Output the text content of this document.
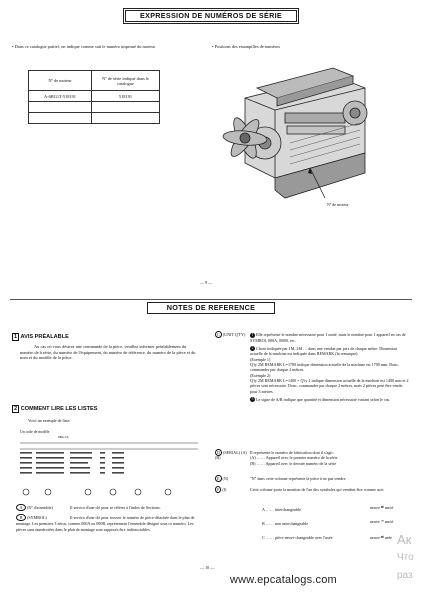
EXPRESSION DE NUMÉROS DE SÉRIE
• Dans ce catalogue partiel, on indique comme suit le numéro imprimé du moteur.	• Positions des estampilles de numéros
Nº de moteur	Nº de série indiqué dans le catalogue
A-6BG1T-518191	518191

Nº de moteur
— 9 —
NOTES DE REFERENCE
1 AVIS PRÉALABLE
Au cas où vous désirez une commande de la pièce, veuillez informer préalablement du numéro de à série, du numéro de l'équipement, du numéro de référence, du numéro de la pièce et du nom et du modèle de la pièce.
2 COMMENT LIRE LES LISTES
Voici un exemple de liste:
Un code de modèle
6BG1T-
A (Nº d'assemble)	Il servira d'une clé pour se référer à l'index de Sections.
B (SYMBOL)	Il servira d'une clé pour trouver le numéro de pièce détachée dans le plan de montage. Les premiers 3 zéros, comme 000A ou 000B, représentent l'ensemble désigné sous ce numéro. Les pièces sans numérotées dans le plan de montage sont supposés être indissociables.
C (UNIT Q'TY)	1 Elle représente le nombre nécessaire pour 1 unité, mais le nombre pour 1 appareil en cas de SYMBOL 000A, 000B, etc.
2 Chose indiquée par 1M, 2M … dans une vendue par prix de chaque mètre. Dimension actuelle de la machine est indiquée dans REMARK (la remarque).
(Exemple 1)
Q'ty 2M REMARK L=1700 indique dimension actuelle de la machine est 1700 mm. Donc, commander par chaque 2 mètres.
(Exemple 2)
Q'ty 2M REMARK L=1400 × Q'ty 2 indique dimension actuelle de la machine est 1400 mm et 2 pièces sont nécessaire. Donc, commander par chaque 2 mètres, mais 2 pièces peut être vendu pour 3 mètres.
3 Le signe de A/R indique que quantité et dimension nécessaire variant selon le cas.
D (SERIAL) (A) (B)
Il représente le numéro de fabrication dont il s'agit:
(A) …… Appareil avec le premier numéro de la série
(B) …… Appareil avec le dernier numéro de la série
E (N)	"N" dans cette colonne représente la pièce à ne pas vendre.
F (I)	Cette colonne porte la mention de l'un des symboles qui vendent être comme suit:
A …… interchangeable	neuve ⇄ ancié
B …… non interchangeable	neuve ⇸ ancié
C …… pièce neuve changeable avec l'usée	neuve ⇄ usée Ак
Что
раз
— 10 —
www.epcatalogs.com
